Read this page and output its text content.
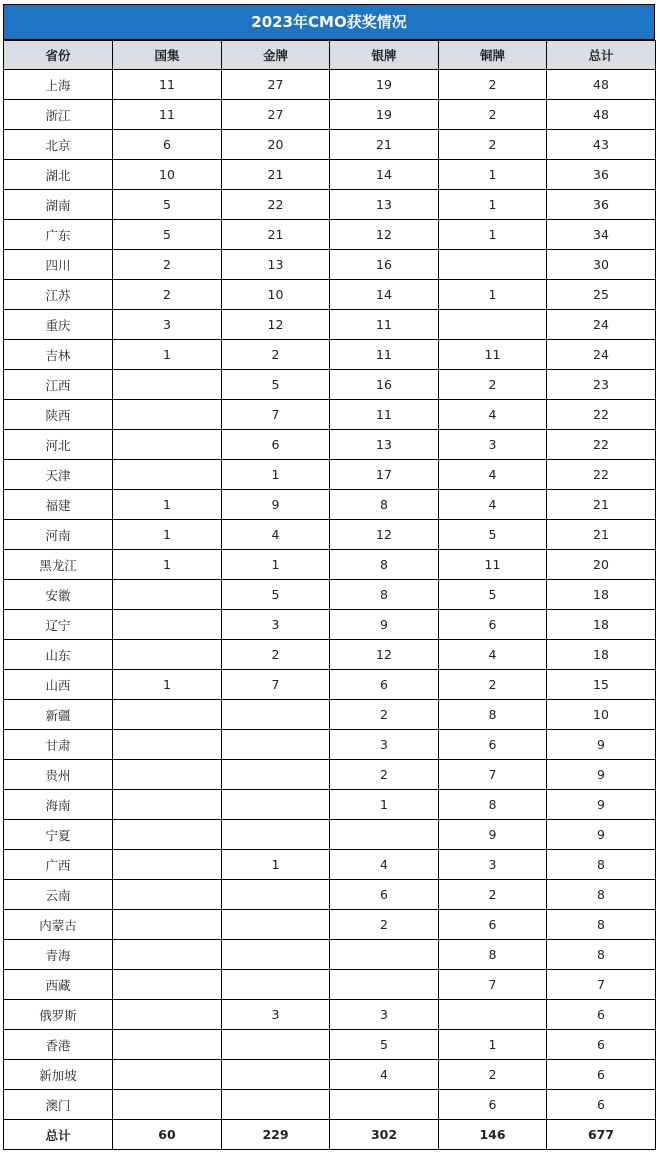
2023年CMO获奖情况
省份	国集	金牌	银牌	铜牌	总计
上海	11	27	19	2	48
浙江	11	27	19	2	48
北京	6	20	21	2	43
湖北	10	21	14	1	36
湖南	5	22	13	1	36
广东	5	21	12	1	34
四川	2	13	16		30
江苏	2	10	14	1	25
重庆	3	12	11		24
吉林	1	2	11	11	24
江西		5	16	2	23
陕西		7	11	4	22
河北		6	13	3	22
天津		1	17	4	22
福建	1	9	8	4	21
河南	1	4	12	5	21
黑龙江	1	1	8	11	20
安徽		5	8	5	18
辽宁		3	9	6	18
山东		2	12	4	18
山西	1	7	6	2	15
新疆			2	8	10
甘肃			3	6	9
贵州			2	7	9
海南			1	8	9
宁夏				9	9
广西		1	4	3	8
云南			6	2	8
内蒙古			2	6	8
青海				8	8
西藏				7	7
俄罗斯		3	3		6
香港			5	1	6
新加坡			4	2	6
澳门				6	6
总计	60	229	302	146	677
